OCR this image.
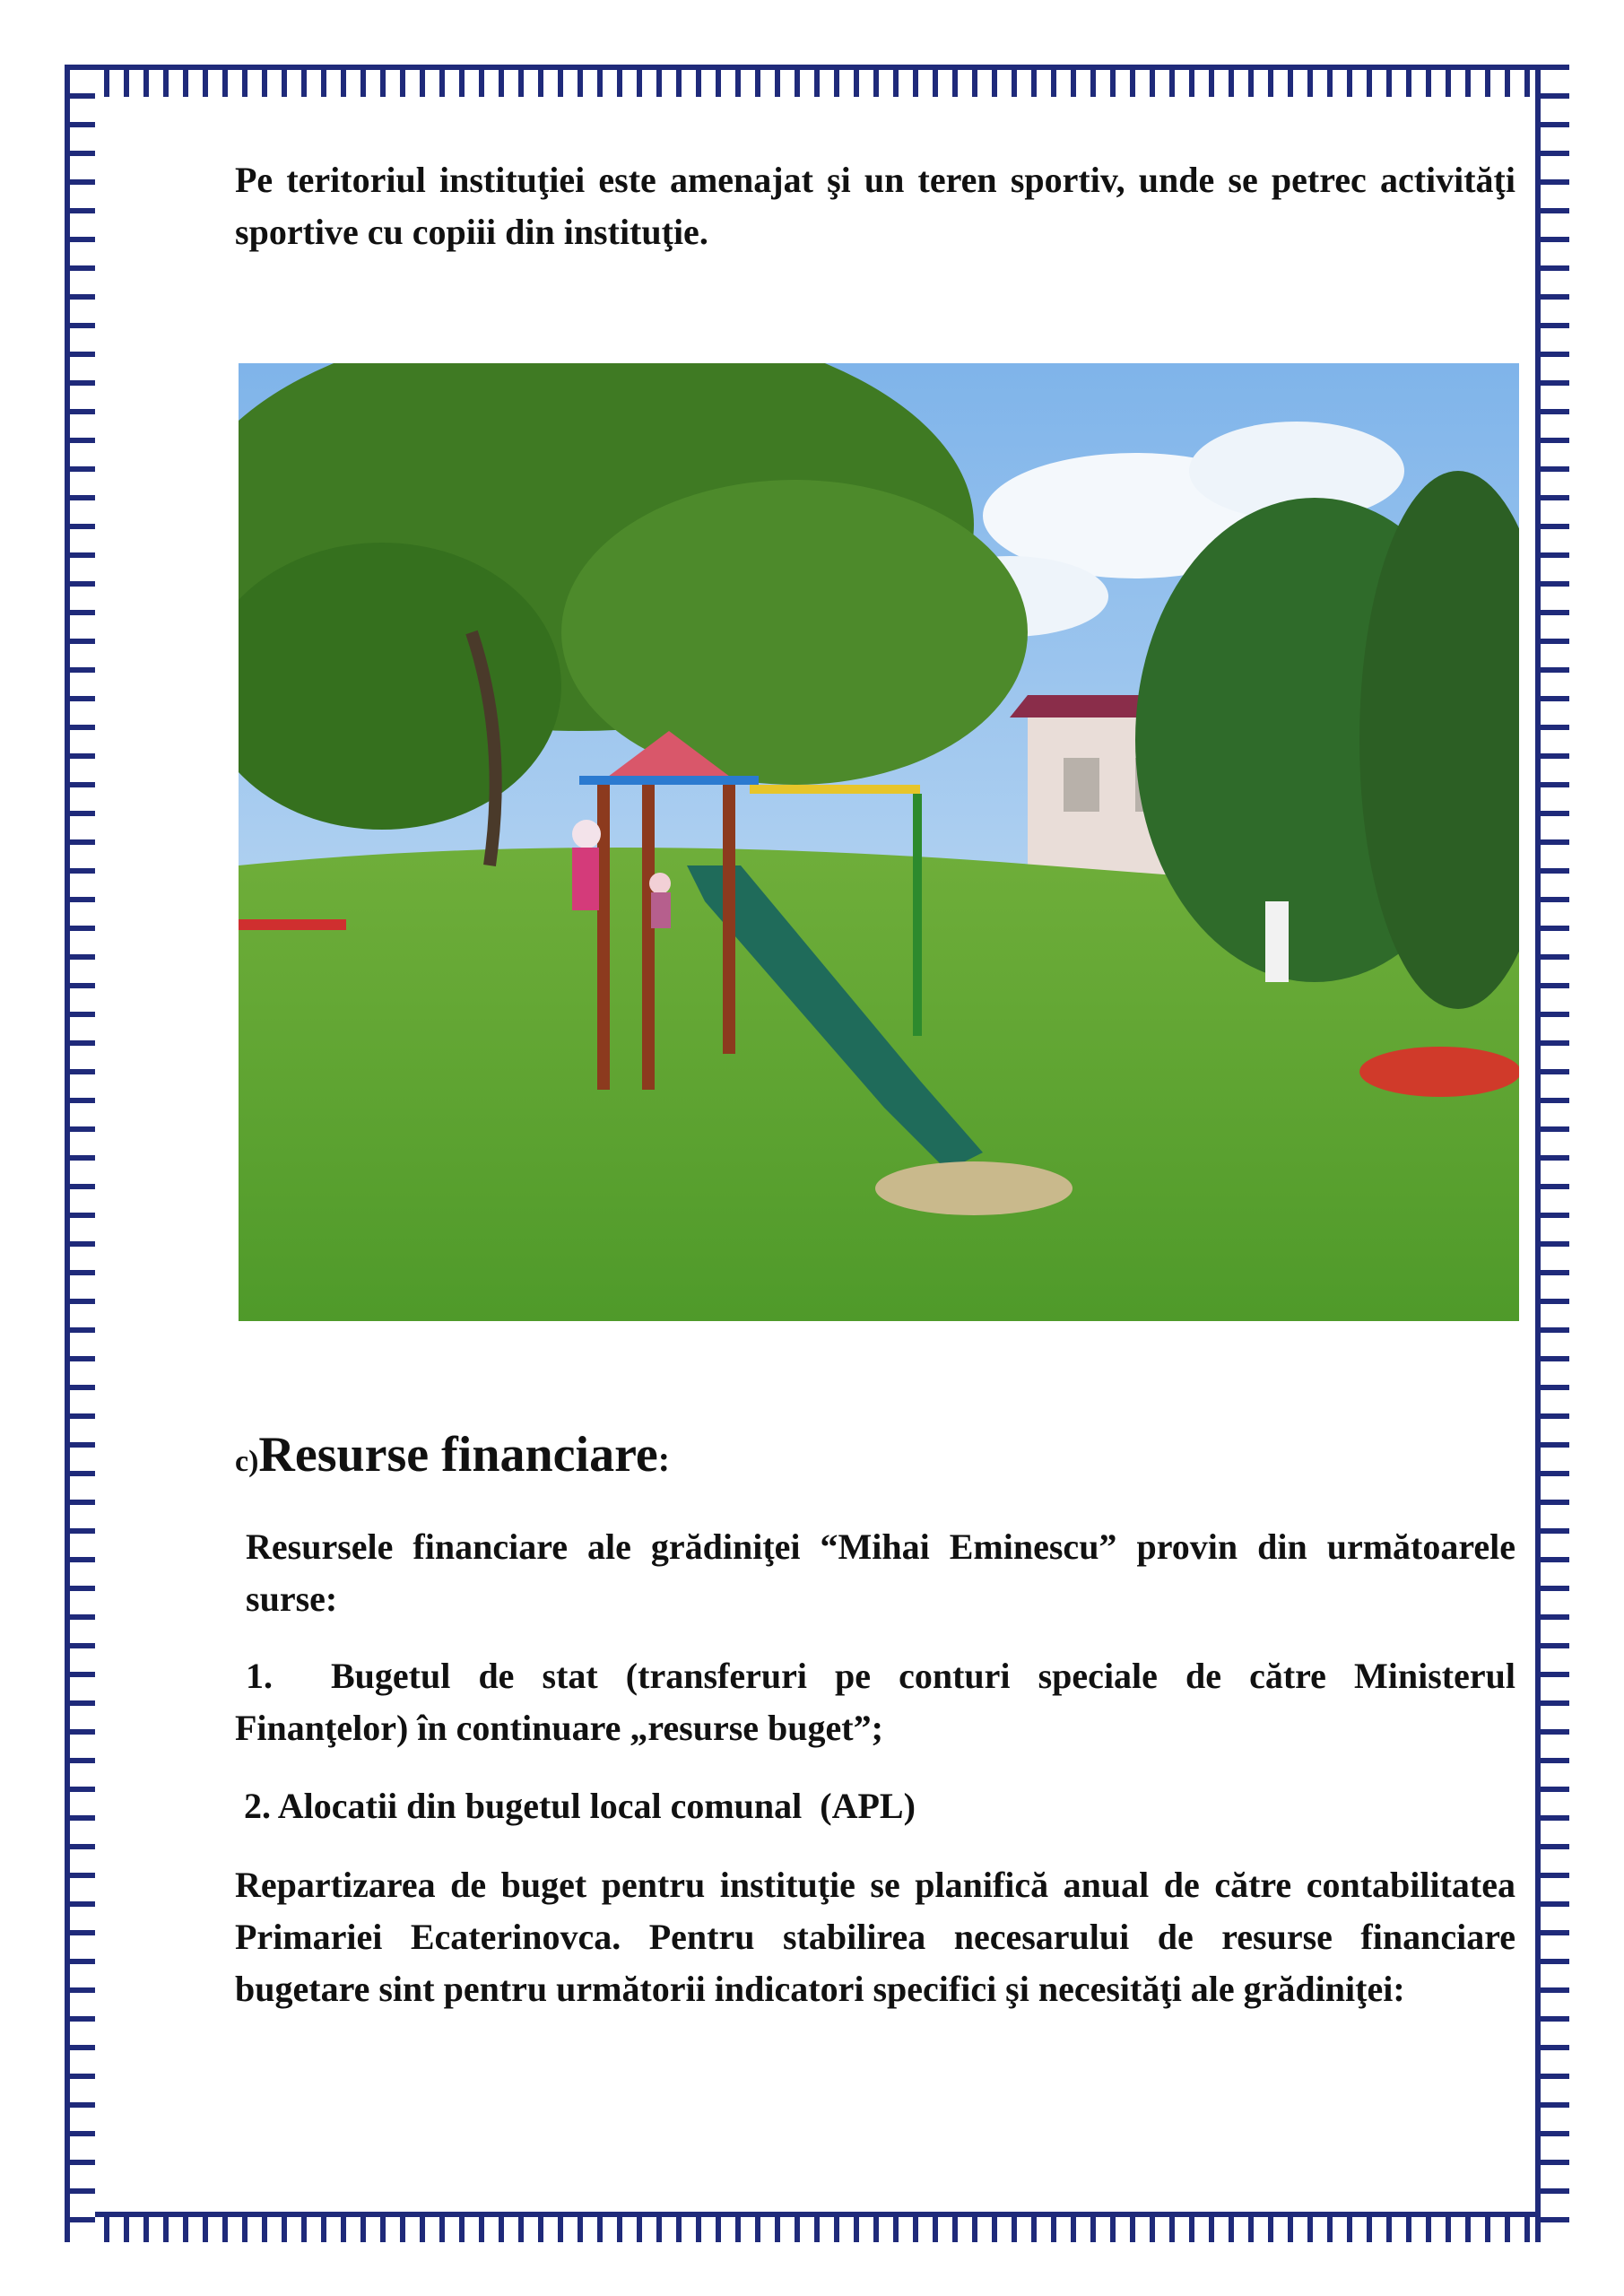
Pe teritoriul instituţiei este amenajat şi un teren sportiv, unde se petrec activităţi sportive cu copiii din instituţie.

c)Resurse financiare:

Resursele financiare ale grădiniţei “Mihai Eminescu” provin din următoarele surse:

1. Bugetul de stat (transferuri pe conturi speciale de către Ministerul Finanţelor) în continuare „resurse buget”;

2. Alocatii din bugetul local comunal  (APL)

Repartizarea de buget pentru instituţie se planifică anual de către contabilitatea Primariei Ecaterinovca. Pentru stabilirea necesarului de resurse financiare bugetare sint pentru următorii indicatori specifici şi necesităţi ale grădiniţei:
